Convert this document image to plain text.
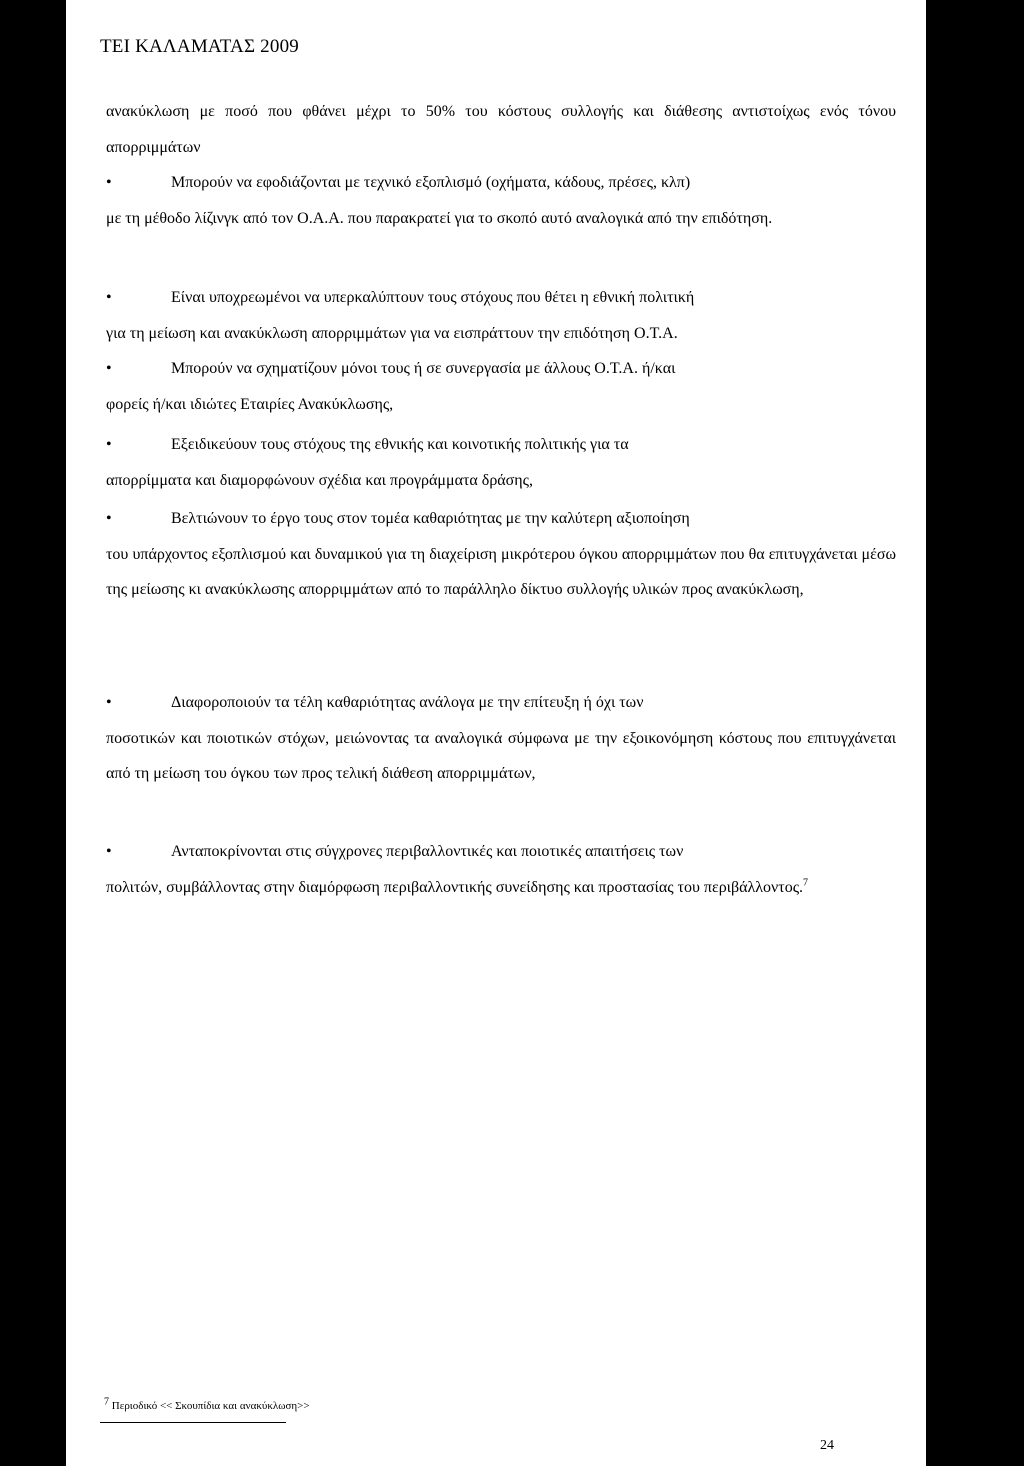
ΤΕΙ ΚΑΛΑΜΑΤΑΣ 2009
ανακύκλωση με ποσό που φθάνει μέχρι το 50% του κόστους συλλογής και διάθεσης αντιστοίχως ενός τόνου απορριμμάτων
•	Μπορούν να εφοδιάζονται με τεχνικό εξοπλισμό (οχήματα, κάδους, πρέσες, κλπ)
με τη μέθοδο λίζινγκ από τον Ο.Α.Α. που παρακρατεί για το σκοπό αυτό αναλογικά από την επιδότηση.
•	Είναι υποχρεωμένοι να υπερκαλύπτουν τους στόχους που θέτει η εθνική πολιτική
για τη μείωση και ανακύκλωση απορριμμάτων για να εισπράττουν την επιδότηση Ο.Τ.Α.
•	Μπορούν να σχηματίζουν μόνοι τους ή σε συνεργασία με άλλους Ο.Τ.Α. ή/και
φορείς ή/και ιδιώτες Εταιρίες Ανακύκλωσης,
•	Εξειδικεύουν τους στόχους της εθνικής και κοινοτικής πολιτικής για τα
απορρίμματα και διαμορφώνουν σχέδια και προγράμματα δράσης,
•	Βελτιώνουν το έργο τους στον τομέα καθαριότητας με την καλύτερη αξιοποίηση
του υπάρχοντος εξοπλισμού και δυναμικού για τη διαχείριση μικρότερου όγκου απορριμμάτων που θα επιτυγχάνεται μέσω της μείωσης κι ανακύκλωσης απορριμμάτων από το παράλληλο δίκτυο συλλογής υλικών προς ανακύκλωση,
•	Διαφοροποιούν τα τέλη καθαριότητας ανάλογα με την επίτευξη ή όχι των
ποσοτικών και ποιοτικών στόχων, μειώνοντας τα αναλογικά σύμφωνα με την εξοικονόμηση κόστους που επιτυγχάνεται από τη μείωση του όγκου των προς τελική διάθεση απορριμμάτων,
•	Ανταποκρίνονται στις σύγχρονες περιβαλλοντικές και ποιοτικές απαιτήσεις των
πολιτών, συμβάλλοντας στην διαμόρφωση περιβαλλοντικής συνείδησης και προστασίας του περιβάλλοντος.$^7$
7 Περιοδικό << Σκουπίδια και ανακύκλωση>>
24
